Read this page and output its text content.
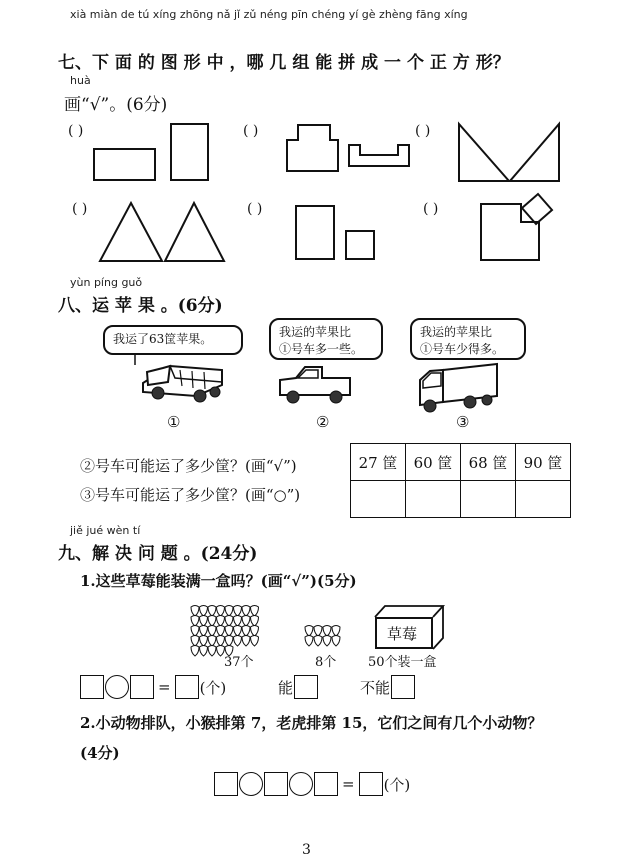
xià miàn de tú xíng zhōng nǎ jǐ zǔ néng pīn chéng yí gè zhèng fāng xíng
七、下 面 的 图 形 中 ，哪 几 组 能 拼 成 一 个 正 方 形？
huà
画“√”。(6分)
( )	( )	( )
( )	( )	( )
yùn píng guǒ
八、运 苹 果 。(6分)
我运了63筐苹果。	我运的苹果比
①号车多一些。
我运的苹果比
①号车少得多。
①	②	③
②号车可能运了多少筐？(画“√”)
③号车可能运了多少筐？(画“○”)
27 筐	60 筐	68 筐	90 筐

jiě jué wèn tí
九、解 决 问 题 。(24分)
1.这些草莓能装满一盒吗？(画“√”)(5分)
草莓
37个	8个 50个装一盒
= (个)	能	不能
2.小动物排队，小猴排第 7，老虎排第 15，它们之间有几个小动物？
(4分)
= (个)
3
